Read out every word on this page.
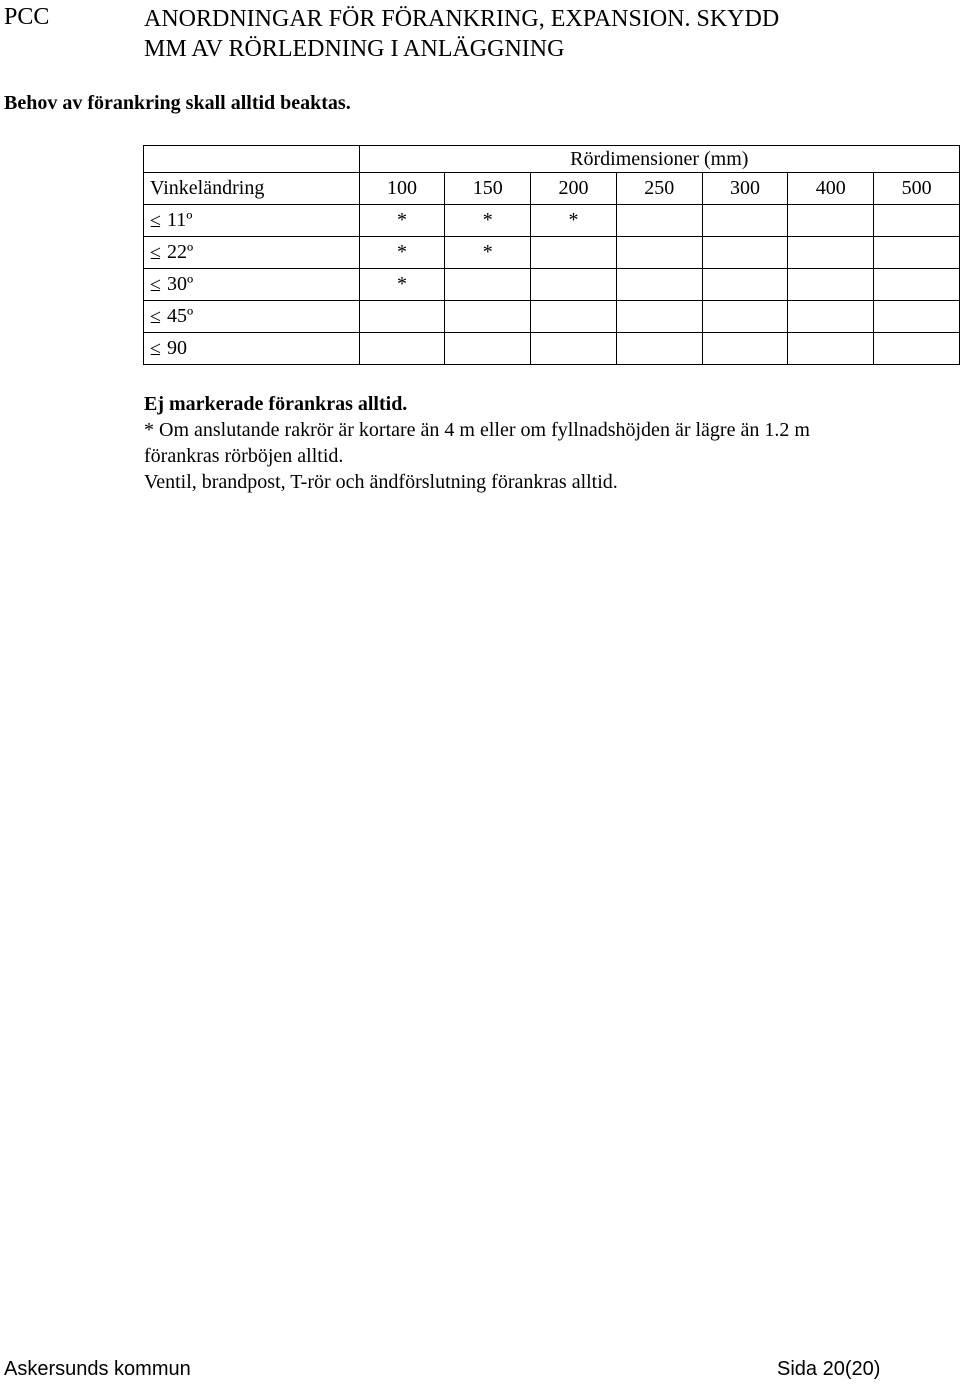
PCC	ANORDNINGAR FÖR FÖRANKRING, EXPANSION. SKYDD
MM AV RÖRLEDNING I ANLÄGGNING
Behov av förankring skall alltid beaktas.
	Rördimensioner (mm)						
Vinkeländring	100	150	200	250	300	400	500
≤ 11º	*	*	*				
≤ 22º	*	*					
≤ 30º	*						
≤ 45º							
≤ 90							
Ej markerade förankras alltid.
* Om anslutande rakrör är kortare än 4 m eller om fyllnadshöjden är lägre än 1.2 m
förankras rörböjen alltid.
Ventil, brandpost, T-rör och ändförslutning förankras alltid.
Askersunds kommun	Sida 20(20)
